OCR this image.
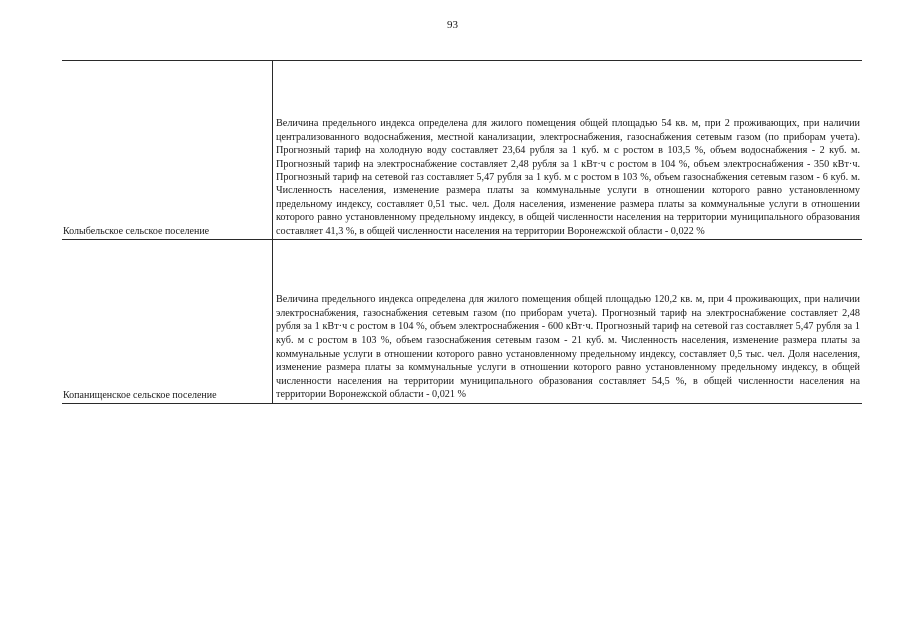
93
Колыбельское сельское поселение

Величина предельного индекса определена для жилого помещения общей площадью 54 кв. м, при 2 проживающих, при наличии централизованного водоснабжения, местной канализации, электроснабжения, газоснабжения сетевым газом (по приборам учета). Прогнозный тариф на холодную воду составляет 23,64 рубля за 1 куб. м с ростом в 103,5 %, объем водоснабжения - 2 куб. м. Прогнозный тариф на электроснабжение составляет 2,48 рубля за 1 кВт·ч с ростом в 104 %, объем электроснабжения - 350 кВт·ч. Прогнозный тариф на сетевой газ составляет 5,47 рубля за 1 куб. м с ростом в 103 %, объем газоснабжения сетевым газом - 6 куб. м. Численность населения, изменение размера платы за коммунальные услуги в отношении которого равно установленному предельному индексу, составляет 0,51 тыс. чел. Доля населения, изменение размера платы за коммунальные услуги в отношении которого равно установленному предельному индексу, в общей численности населения на территории муниципального образования составляет 41,3 %, в общей численности населения на территории Воронежской области - 0,022 %

Копанищенское сельское поселение

Величина предельного индекса определена для жилого помещения общей площадью 120,2 кв. м, при 4 проживающих, при наличии электроснабжения, газоснабжения сетевым газом (по приборам учета). Прогнозный тариф на электроснабжение составляет 2,48 рубля за 1 кВт·ч с ростом в 104 %, объем электроснабжения - 600 кВт·ч. Прогнозный тариф на сетевой газ составляет 5,47 рубля за 1 куб. м с ростом в 103 %, объем газоснабжения сетевым газом - 21 куб. м. Численность населения, изменение размера платы за коммунальные услуги в отношении которого равно установленному предельному индексу, составляет 0,5 тыс. чел. Доля населения, изменение размера платы за коммунальные услуги в отношении которого равно установленному предельному индексу, в общей численности населения на территории муниципального образования составляет 54,5 %, в общей численности населения на территории Воронежской области - 0,021 %
